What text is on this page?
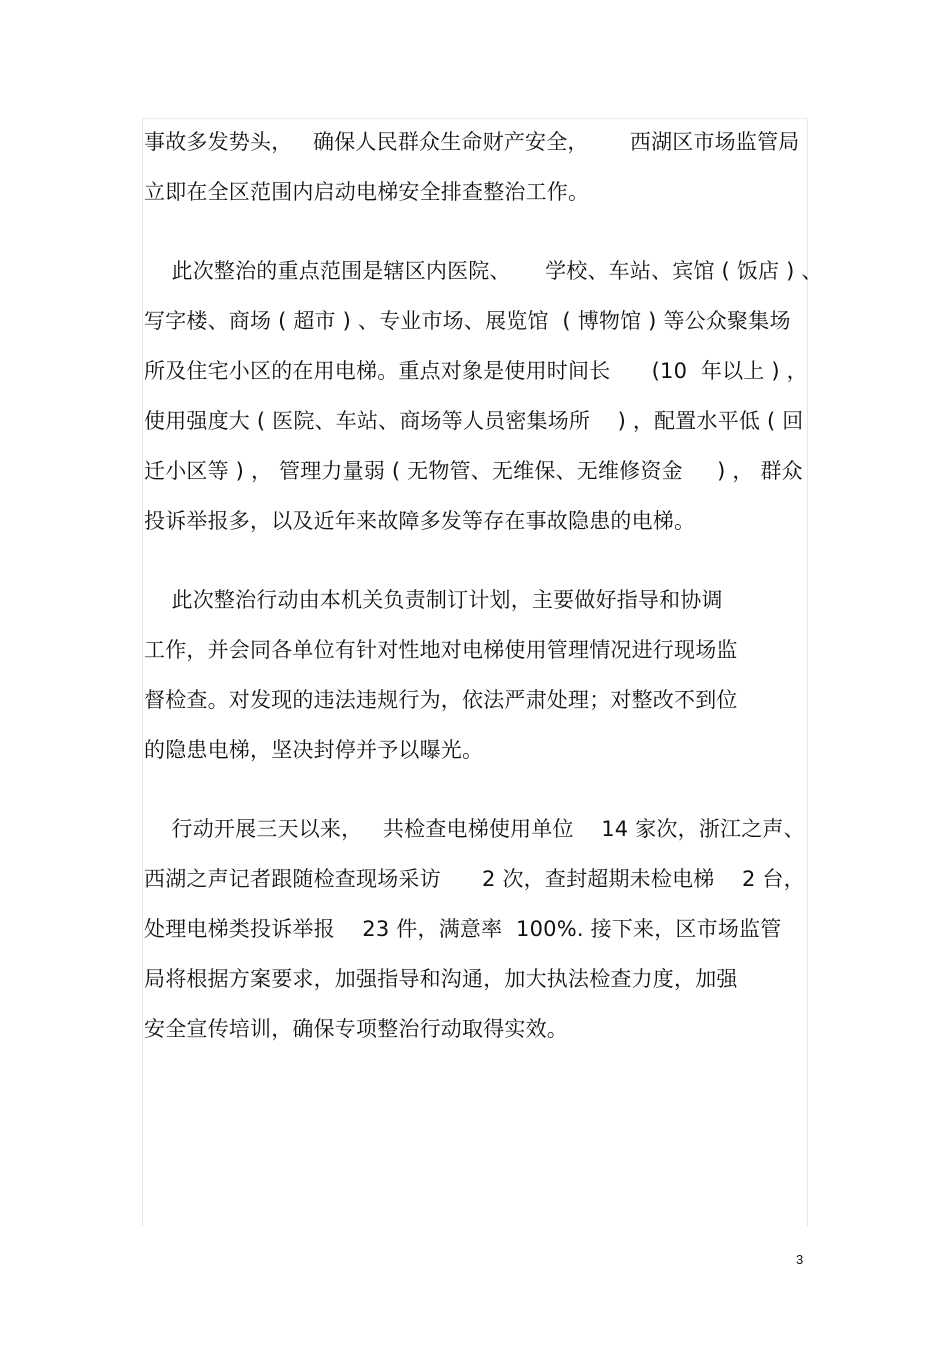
事故多发势头，   确保人民群众生命财产安全，      西湖区市场监管局
立即在全区范围内启动电梯安全排查整治工作。
此次整治的重点范围是辖区内医院、     学校、车站、宾馆 ( 饭店 ) 、
写字楼、商场 ( 超市 ) 、专业市场、展览馆  ( 博物馆 ) 等公众聚集场
所及住宅小区的在用电梯。重点对象是使用时间长      (10  年以上 ) ，
使用强度大 ( 医院、车站、商场等人员密集场所    ) ，配置水平低 ( 回
迁小区等 ) ， 管理力量弱 ( 无物管、无维保、无维修资金     ) ， 群众
投诉举报多，以及近年来故障多发等存在事故隐患的电梯。
此次整治行动由本机关负责制订计划，主要做好指导和协调
工作，并会同各单位有针对性地对电梯使用管理情况进行现场监
督检查。对发现的违法违规行为，依法严肃处理；对整改不到位
的隐患电梯，坚决封停并予以曝光。
行动开展三天以来，   共检查电梯使用单位    14 家次，浙江之声、
西湖之声记者跟随检查现场采访      2 次，查封超期未检电梯    2 台，
处理电梯类投诉举报    23 件，满意率  100%. 接下来，区市场监管
局将根据方案要求，加强指导和沟通，加大执法检查力度，加强
安全宣传培训，确保专项整治行动取得实效。
3
